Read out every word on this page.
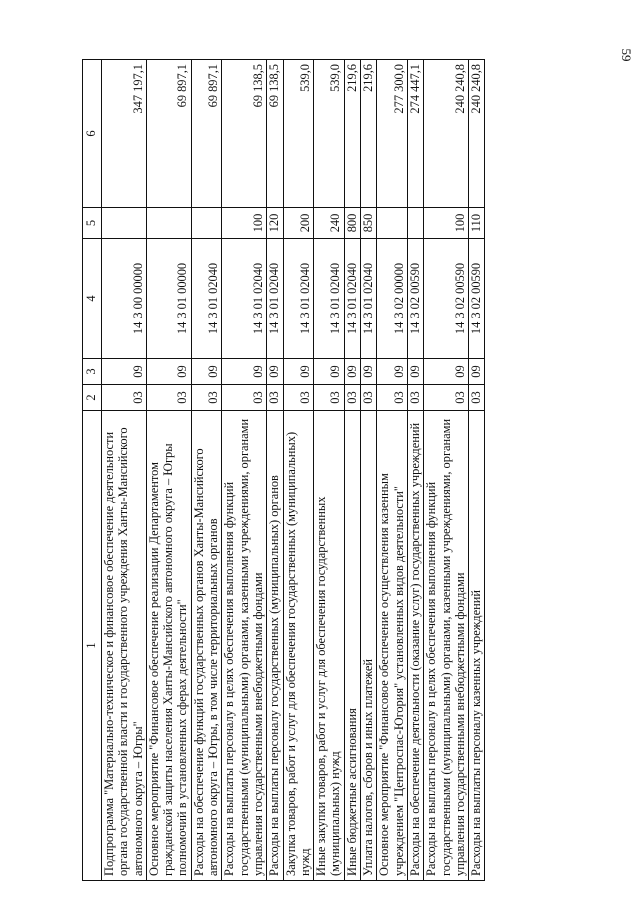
59
1	2	3	4	5	6
Подпрограмма "Материально-техническое и финансовое обеспечение деятельности органа государственной власти и государственного учреждения Ханты-Мансийского автономного округа – Югры"	03	09	14 3 00 00000		347 197,1
Основное мероприятие "Финансовое обеспечение реализации Департаментом гражданской защиты населения Ханты-Мансийского автономного округа – Югры полномочий в установленных сферах деятельности"	03	09	14 3 01 00000		69 897,1
Расходы на обеспечение функций государственных органов Ханты-Мансийского автономного округа – Югры, в том числе территориальных органов	03	09	14 3 01 02040		69 897,1
Расходы на выплаты персоналу в целях обеспечения выполнения функций государственными (муниципальными) органами, казенными учреждениями, органами управления государственными внебюджетными фондами	03	09	14 3 01 02040	100	69 138,5
Расходы на выплаты персоналу государственных (муниципальных) органов	03	09	14 3 01 02040	120	69 138,5
Закупка товаров, работ и услуг для обеспечения государственных (муниципальных) нужд	03	09	14 3 01 02040	200	539,0
Иные закупки товаров, работ и услуг для обеспечения государственных (муниципальных) нужд	03	09	14 3 01 02040	240	539,0
Иные бюджетные ассигнования	03	09	14 3 01 02040	800	219,6
Уплата налогов, сборов и иных платежей	03	09	14 3 01 02040	850	219,6
Основное мероприятие "Финансовое обеспечение осуществления казенным учреждением "Центроспас-Югория" установленных видов деятельности"	03	09	14 3 02 00000		277 300,0
Расходы на обеспечение деятельности (оказание услуг) государственных учреждений	03	09	14 3 02 00590		274 447,1
Расходы на выплаты персоналу в целях обеспечения выполнения функций государственными (муниципальными) органами, казенными учреждениями, органами управления государственными внебюджетными фондами	03	09	14 3 02 00590	100	240 240,8
Расходы на выплаты персоналу казенных учреждений	03	09	14 3 02 00590	110	240 240,8
